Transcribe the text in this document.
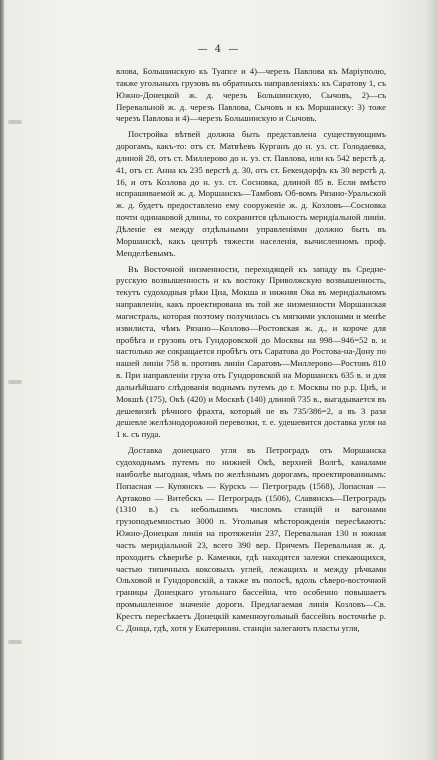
— 4 —

влова, Большинскую къ Туапсе и 4)—черезъ Павлова къ Маріуполю, также угольныхъ грузовъ въ обратныхъ направленіяхъ: къ Саратову 1, съ Южно-Донецкой ж. д. черезъ Большинскую, Сычовъ, 2)—съ Перевальной ж. д. черезъ Павлова, Сычовъ и къ Моршанску: 3) тоже черезъ Павлова и 4)—черезъ Большинскую и Сычовъ.

Постройка вѣтвей должна быть представлена существующимъ дорогамъ, какъ-то: отъ ст. Матвѣевъ Курганъ до н. уз. ст. Голодаевка, длиной 28, отъ ст. Миллерово до н. уз. ст. Павлова, или къ 542 верстѣ д. 41, отъ ст. Анна къ 235 верстѣ д. 30, отъ ст. Бекендорфъ къ 30 верстѣ д. 16, и отъ Козлова до н. уз. ст. Сосновка, длиной 85 в. Если вмѣсто испрашиваемой ж. д. Моршанскъ—Тамбовъ Об-вомъ Рязано-Уральской ж. д. будетъ предоставлено ему сооруженіе ж. д. Козловъ—Сосновка почти одинаковой длины, то сохранится цѣльность меридіальной линіи. Дѣленіе ея между отдѣльными управленіями должно быть въ Моршанскѣ, какъ центрѣ тяжести населенія, вычисленномъ проф. Менделѣевымъ.

Въ Восточной низменности, переходящей къ западу въ Средне-русскую возвышенность и къ востоку Приволжскую возвышенность, текутъ судоходныя рѣки Цна, Мокша и нижняя Ока въ меридіальномъ направленіи, какъ проектирована въ той же низменности Моршанская магистраль, которая поэтому получилась съ мягкими уклонами и менѣе извилиста, чѣмъ Рязано—Козлово—Ростовская ж. д., и короче для пробѣга и грузовъ отъ Гундоровской до Москвы на 998—946=52 в. и настолько же сокращается пробѣгъ отъ Саратова до Ростова-на-Дону по нашей линіи 758 в. противъ линіи Саратовъ—Миллерово—Ростовъ 810 в. При направленіи груза отъ Гундоровской на Моршанскъ 635 в. и для дальнѣйшаго слѣдованія воднымъ путемъ до г. Москвы по р.р. Цнѣ, и Мокшѣ (175), Окѣ (420) и Москвѣ (140) длиной 735 в., выгадывается въ дешевизнѣ рѣчного фрахта, который не въ 735/386=2, а въ 3 раза дешевле желѣзнодорожной перевозки, т. е. удешевится доставка угля на 1 к. съ пуда.

Доставка донецкаго угля въ Петроградъ отъ Моршанска судоходнымъ путемъ по нижней Окѣ, верхней Волгѣ, каналами наиболѣе выгодная, чѣмъ по желѣзнымъ дорогамъ, проектированнымъ: Попасная — Купянскъ — Курскъ — Петроградъ (1568), Лопасная — Артаково — Витебскъ — Петроградъ (1506), Славянскъ—Петроградъ (1310 в.) съ небольшимъ числомъ станцій и вагонами грузоподъемностью 3000 п. Угольныя мѣсторожденія пересѣкаютъ: Южно-Донецкая линія на протяженіи 237, Перевальная 130 и южная часть меридіальной 23, всего 390 вер. Причемъ Перевальная ж. д. проходитъ сѣвернѣе р. Каменки, гдѣ находятся залежи спекающихся, частью типичныхъ коксовыхъ углей, лежащихъ и между рѣчками Ольховой и Гундоровскій, а также въ полосѣ, вдоль сѣверо-восточной границы Донецкаго угольнаго бассейна, что особенно повышаетъ промышленное значеніе дороги. Предлагаемая линія Козловъ—Св. Крестъ пересѣкаетъ Донецкій каменноугольный бассейнъ восточнѣе р. С. Донца, гдѣ, хотя у Екатеринин. станціи залегаютъ пласты угля,
